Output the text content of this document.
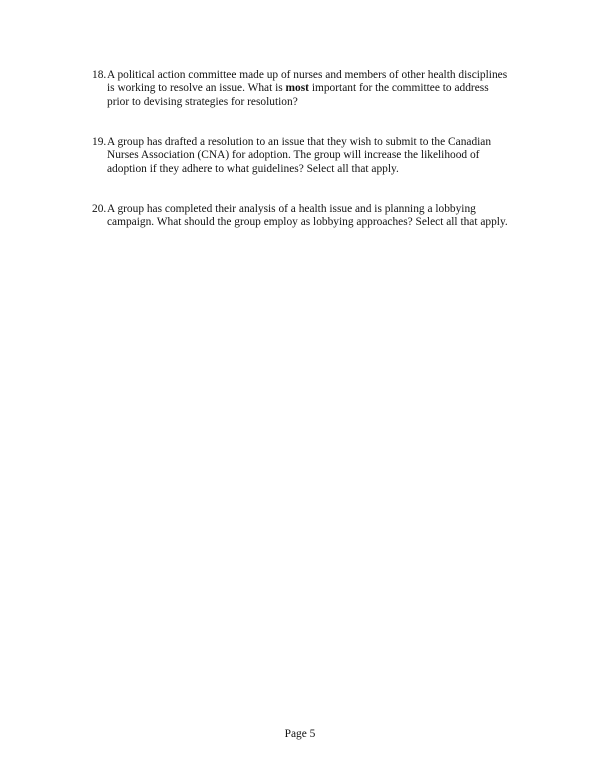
18. A political action committee made up of nurses and members of other health disciplines
is working to resolve an issue. What is most important for the committee to address
prior to devising strategies for resolution?
19. A group has drafted a resolution to an issue that they wish to submit to the Canadian
Nurses Association (CNA) for adoption. The group will increase the likelihood of
adoption if they adhere to what guidelines? Select all that apply.
20. A group has completed their analysis of a health issue and is planning a lobbying
campaign. What should the group employ as lobbying approaches? Select all that apply.
Page 5
